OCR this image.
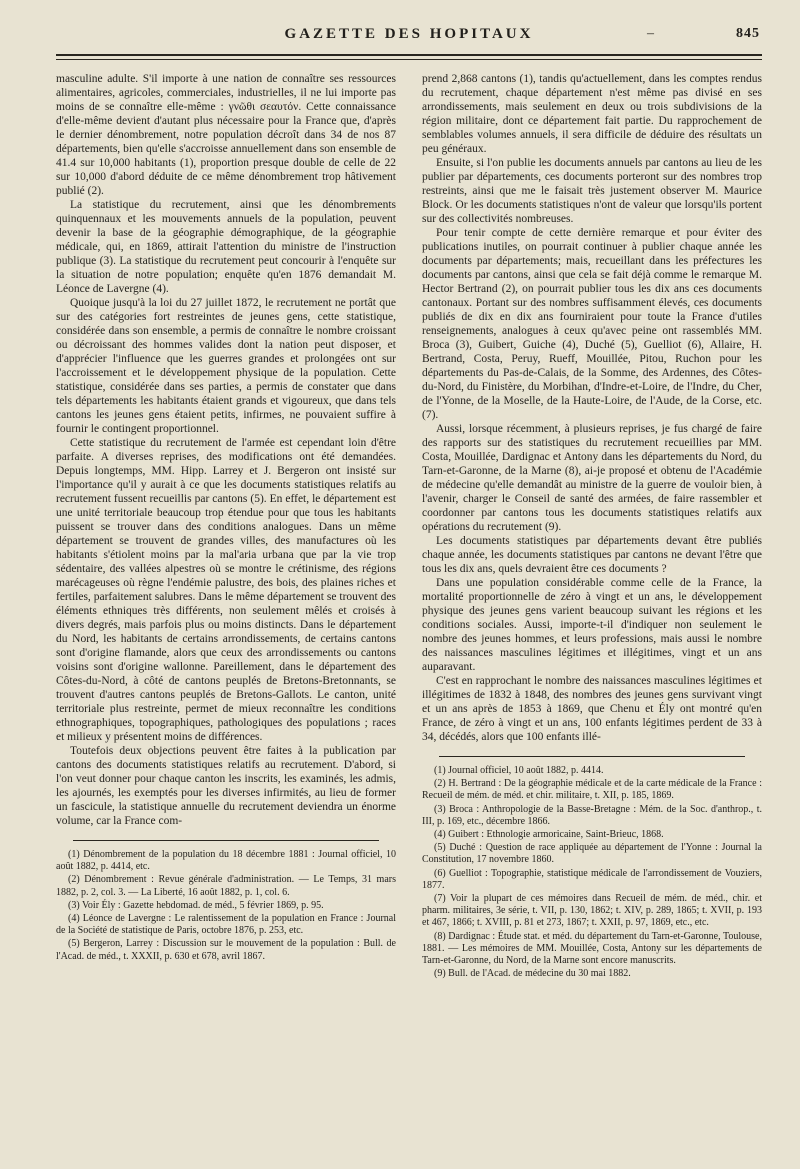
GAZETTE DES HOPITAUX	–	845

masculine adulte. S'il importe à une nation de connaître ses ressources alimentaires, agricoles, commerciales, industrielles, il ne lui importe pas moins de se connaître elle-même : γνῶθι σεαυτόν. Cette connaissance d'elle-même devient d'autant plus nécessaire pour la France que, d'après le dernier dénombrement, notre population décroît dans 34 de nos 87 départements, bien qu'elle s'accroisse annuellement dans son ensemble de 41.4 sur 10,000 habitants (1), proportion presque double de celle de 22 sur 10,000 d'abord déduite de ce même dénombrement trop hâtivement publié (2).

La statistique du recrutement, ainsi que les dénombrements quinquennaux et les mouvements annuels de la population, peuvent devenir la base de la géographie démographique, de la géographie médicale, qui, en 1869, attirait l'attention du ministre de l'instruction publique (3). La statistique du recrutement peut concourir à l'enquête sur la situation de notre population; enquête qu'en 1876 demandait M. Léonce de Lavergne (4).

Quoique jusqu'à la loi du 27 juillet 1872, le recrutement ne portât que sur des catégories fort restreintes de jeunes gens, cette statistique, considérée dans son ensemble, a permis de connaître le nombre croissant ou décroissant des hommes valides dont la nation peut disposer, et d'apprécier l'influence que les guerres grandes et prolongées ont sur l'accroissement et le développement physique de la population. Cette statistique, considérée dans ses parties, a permis de constater que dans tels départements les habitants étaient grands et vigoureux, que dans tels cantons les jeunes gens étaient petits, infirmes, ne pouvaient suffire à fournir le contingent proportionnel.

Cette statistique du recrutement de l'armée est cependant loin d'être parfaite. A diverses reprises, des modifications ont été demandées. Depuis longtemps, MM. Hipp. Larrey et J. Bergeron ont insisté sur l'importance qu'il y aurait à ce que les documents statistiques relatifs au recrutement fussent recueillis par cantons (5). En effet, le département est une unité territoriale beaucoup trop étendue pour que tous les habitants puissent se trouver dans des conditions analogues. Dans un même département se trouvent de grandes villes, des manufactures où les habitants s'étiolent moins par la mal'aria urbana que par la vie trop sédentaire, des vallées alpestres où se montre le crétinisme, des régions marécageuses où règne l'endémie palustre, des bois, des plaines riches et fertiles, parfaitement salubres. Dans le même département se trouvent des éléments ethniques très différents, non seulement mêlés et croisés à divers degrés, mais parfois plus ou moins distincts. Dans le département du Nord, les habitants de certains arrondissements, de certains cantons sont d'origine flamande, alors que ceux des arrondissements ou cantons voisins sont d'origine wallonne. Pareillement, dans le département des Côtes-du-Nord, à côté de cantons peuplés de Bretons-Bretonnants, se trouvent d'autres cantons peuplés de Bretons-Gallots. Le canton, unité territoriale plus restreinte, permet de mieux reconnaître les conditions ethnographiques, topographiques, pathologiques des populations ; races et milieux y présentent moins de différences.

Toutefois deux objections peuvent être faites à la publication par cantons des documents statistiques relatifs au recrutement. D'abord, si l'on veut donner pour chaque canton les inscrits, les examinés, les admis, les ajournés, les exemptés pour les diverses infirmités, au lieu de former un fascicule, la statistique annuelle du recrutement deviendra un énorme volume, car la France com-

(1) Dénombrement de la population du 18 décembre 1881 : Journal officiel, 10 août 1882, p. 4414, etc.

(2) Dénombrement : Revue générale d'administration. — Le Temps, 31 mars 1882, p. 2, col. 3. — La Liberté, 16 août 1882, p. 1, col. 6.

(3) Voir Ély : Gazette hebdomad. de méd., 5 février 1869, p. 95.

(4) Léonce de Lavergne : Le ralentissement de la population en France : Journal de la Société de statistique de Paris, octobre 1876, p. 253, etc.

(5) Bergeron, Larrey : Discussion sur le mouvement de la population : Bull. de l'Acad. de méd., t. XXXII, p. 630 et 678, avril 1867.

prend 2,868 cantons (1), tandis qu'actuellement, dans les comptes rendus du recrutement, chaque département n'est même pas divisé en ses arrondissements, mais seulement en deux ou trois subdivisions de la région militaire, dont ce département fait partie. Du rapprochement de semblables volumes annuels, il sera difficile de déduire des résultats un peu généraux.

Ensuite, si l'on publie les documents annuels par cantons au lieu de les publier par départements, ces documents porteront sur des nombres trop restreints, ainsi que me le faisait très justement observer M. Maurice Block. Or les documents statistiques n'ont de valeur que lorsqu'ils portent sur des collectivités nombreuses.

Pour tenir compte de cette dernière remarque et pour éviter des publications inutiles, on pourrait continuer à publier chaque année les documents par départements; mais, recueillant dans les préfectures les documents par cantons, ainsi que cela se fait déjà comme le remarque M. Hector Bertrand (2), on pourrait publier tous les dix ans ces documents cantonaux. Portant sur des nombres suffisamment élevés, ces documents publiés de dix en dix ans fourniraient pour toute la France d'utiles renseignements, analogues à ceux qu'avec peine ont rassemblés MM. Broca (3), Guibert, Guiche (4), Duché (5), Guelliot (6), Allaire, H. Bertrand, Costa, Peruy, Rueff, Mouillée, Pitou, Ruchon pour les départements du Pas-de-Calais, de la Somme, des Ardennes, des Côtes-du-Nord, du Finistère, du Morbihan, d'Indre-et-Loire, de l'Indre, du Cher, de l'Yonne, de la Moselle, de la Haute-Loire, de l'Aude, de la Corse, etc. (7).

Aussi, lorsque récemment, à plusieurs reprises, je fus chargé de faire des rapports sur des statistiques du recrutement recueillies par MM. Costa, Mouillée, Dardignac et Antony dans les départements du Nord, du Tarn-et-Garonne, de la Marne (8), ai-je proposé et obtenu de l'Académie de médecine qu'elle demandât au ministre de la guerre de vouloir bien, à l'avenir, charger le Conseil de santé des armées, de faire rassembler et coordonner par cantons tous les documents statistiques relatifs aux opérations du recrutement (9).

Les documents statistiques par départements devant être publiés chaque année, les documents statistiques par cantons ne devant l'être que tous les dix ans, quels devraient être ces documents ?

Dans une population considérable comme celle de la France, la mortalité proportionnelle de zéro à vingt et un ans, le développement physique des jeunes gens varient beaucoup suivant les régions et les conditions sociales. Aussi, importe-t-il d'indiquer non seulement le nombre des jeunes hommes, et leurs professions, mais aussi le nombre des naissances masculines légitimes et illégitimes, vingt et un ans auparavant.

C'est en rapprochant le nombre des naissances masculines légitimes et illégitimes de 1832 à 1848, des nombres des jeunes gens survivant vingt et un ans après de 1853 à 1869, que Chenu et Ély ont montré qu'en France, de zéro à vingt et un ans, 100 enfants légitimes perdent de 33 à 34, décédés, alors que 100 enfants illé-

(1) Journal officiel, 10 août 1882, p. 4414.

(2) H. Bertrand : De la géographie médicale et de la carte médicale de la France : Recueil de mém. de méd. et chir. militaire, t. XII, p. 185, 1869.

(3) Broca : Anthropologie de la Basse-Bretagne : Mém. de la Soc. d'anthrop., t. III, p. 169, etc., décembre 1866.

(4) Guibert : Ethnologie armoricaine, Saint-Brieuc, 1868.

(5) Duché : Question de race appliquée au département de l'Yonne : Journal la Constitution, 17 novembre 1860.

(6) Guelliot : Topographie, statistique médicale de l'arrondissement de Vouziers, 1877.

(7) Voir la plupart de ces mémoires dans Recueil de mém. de méd., chir. et pharm. militaires, 3e série, t. VII, p. 130, 1862; t. XIV, p. 289, 1865; t. XVII, p. 193 et 467, 1866; t. XVIII, p. 81 et 273, 1867; t. XXII, p. 97, 1869, etc., etc.

(8) Dardignac : Étude stat. et méd. du département du Tarn-et-Garonne, Toulouse, 1881. — Les mémoires de MM. Mouillée, Costa, Antony sur les départements de Tarn-et-Garonne, du Nord, de la Marne sont encore manuscrits.

(9) Bull. de l'Acad. de médecine du 30 mai 1882.
